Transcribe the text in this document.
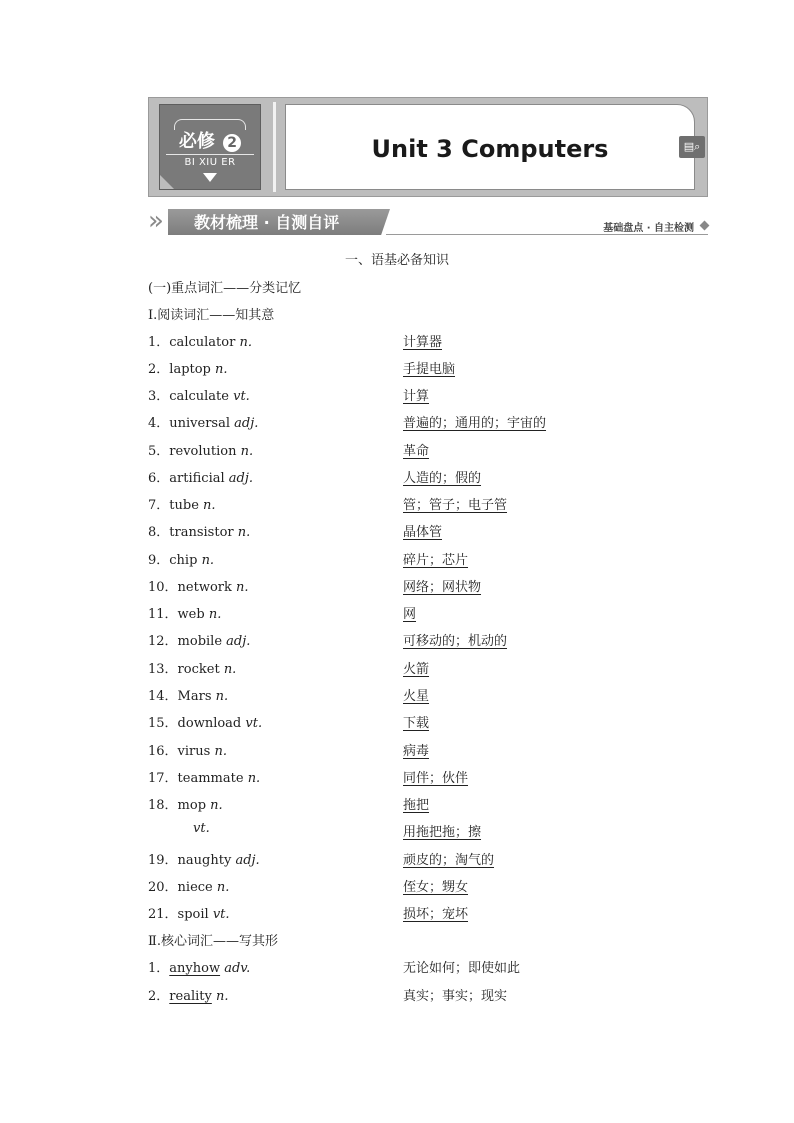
必修 2
BI XIU ER	Unit 3 Computers	▤⌕
»	教材梳理 · 自测自评	基础盘点 · 自主检测
一、语基必备知识
(一)重点词汇——分类记忆
Ⅰ.阅读词汇——知其意
1．calculator n．	计算器
2．laptop n.	手提电脑
3．calculate vt.	计算
4．universal adj.	普遍的；通用的；宇宙的
5．revolution n.	革命
6．artificial adj.	人造的；假的
7．tube n.	管；管子；电子管
8．transistor n.	晶体管
9．chip n.	碎片；芯片
10．network n.	网络；网状物
11．web n.	网
12．mobile adj.	可移动的；机动的
13．rocket n.	火箭
14．Mars n.	火星
15．download vt.	下载
16．virus n.	病毒
17．teammate n.	同伴；伙伴
18．mop n.	拖把
vt.	用拖把拖；擦
19．naughty adj.	顽皮的；淘气的
20．niece n.	侄女；甥女
21．spoil vt.	损坏；宠坏
Ⅱ.核心词汇——写其形
1．anyhow adv.	无论如何；即使如此
2．reality n.	真实；事实；现实
